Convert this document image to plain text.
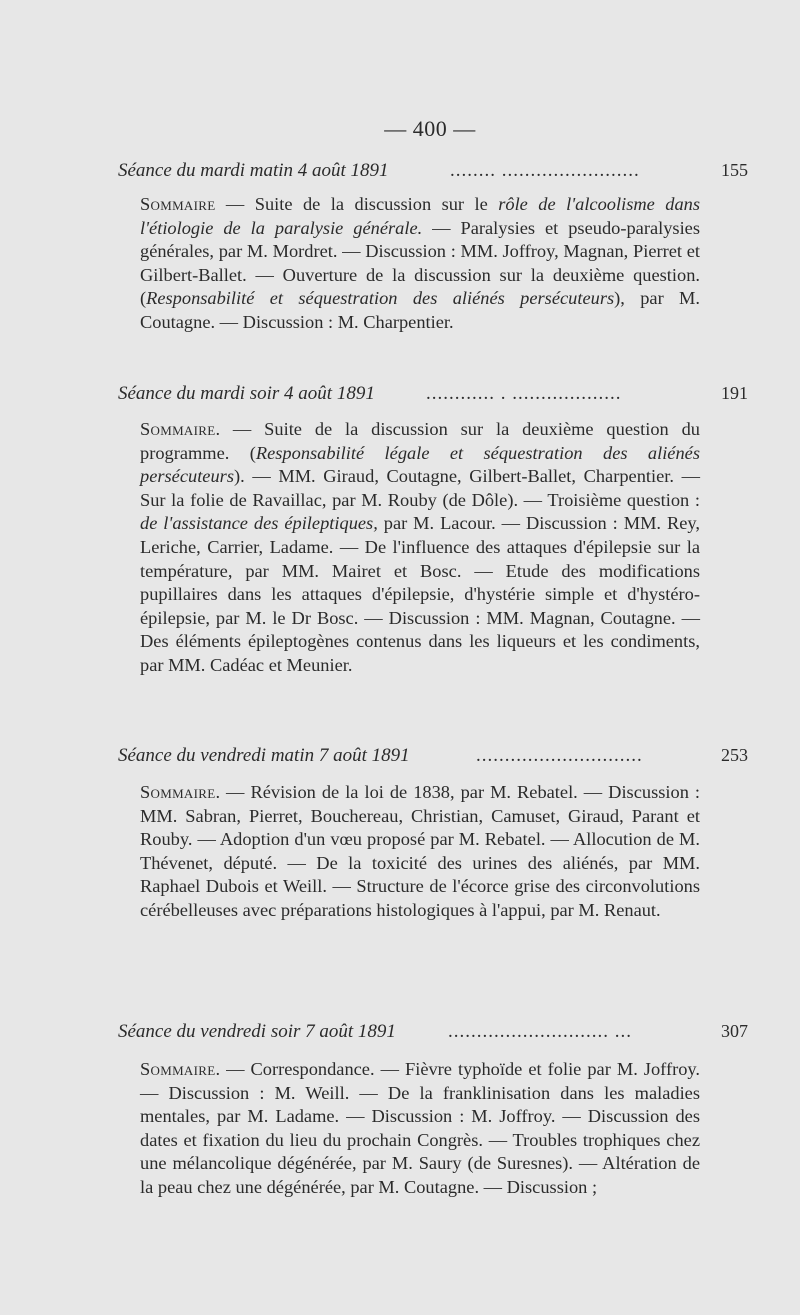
— 400 —
Séance du mardi matin 4 août 1891	........ ........................	155
Sommaire — Suite de la discussion sur le rôle de l'alcoolisme dans l'étiologie de la paralysie générale. — Paralysies et pseudo-paralysies générales, par M. Mordret. — Discussion : MM. Joffroy, Magnan, Pierret et Gilbert-Ballet. — Ouverture de la discussion sur la deuxième question. (Responsabilité et séquestration des aliénés persécuteurs), par M. Coutagne. — Discussion : M. Charpentier.
Séance du mardi soir 4 août 1891	............ . ...................	191
Sommaire. — Suite de la discussion sur la deuxième question du programme. (Responsabilité légale et séquestration des aliénés persécuteurs). — MM. Giraud, Coutagne, Gilbert-Ballet, Charpentier. — Sur la folie de Ravaillac, par M. Rouby (de Dôle). — Troisième question : de l'assistance des épileptiques, par M. Lacour. — Discussion : MM. Rey, Leriche, Carrier, Ladame. — De l'influence des attaques d'épilepsie sur la température, par MM. Mairet et Bosc. — Etude des modifications pupillaires dans les attaques d'épilepsie, d'hystérie simple et d'hystéro-épilepsie, par M. le Dr Bosc. — Discussion : MM. Magnan, Coutagne. — Des éléments épileptogènes contenus dans les liqueurs et les condiments, par MM. Cadéac et Meunier.
Séance du vendredi matin 7 août 1891	.............................	253
Sommaire. — Révision de la loi de 1838, par M. Rebatel. — Discussion : MM. Sabran, Pierret, Bouchereau, Christian, Camuset, Giraud, Parant et Rouby. — Adoption d'un vœu proposé par M. Rebatel. — Allocution de M. Thévenet, député. — De la toxicité des urines des aliénés, par MM. Raphael Dubois et Weill. — Structure de l'écorce grise des circonvolutions cérébelleuses avec préparations histologiques à l'appui, par M. Renaut.
Séance du vendredi soir 7 août 1891	............................ ...	307
Sommaire. — Correspondance. — Fièvre typhoïde et folie par M. Joffroy. — Discussion : M. Weill. — De la franklinisation dans les maladies mentales, par M. Ladame. — Discussion : M. Joffroy. — Discussion des dates et fixation du lieu du prochain Congrès. — Troubles trophiques chez une mélancolique dégénérée, par M. Saury (de Suresnes). — Altération de la peau chez une dégénérée, par M. Coutagne. — Discussion ;
